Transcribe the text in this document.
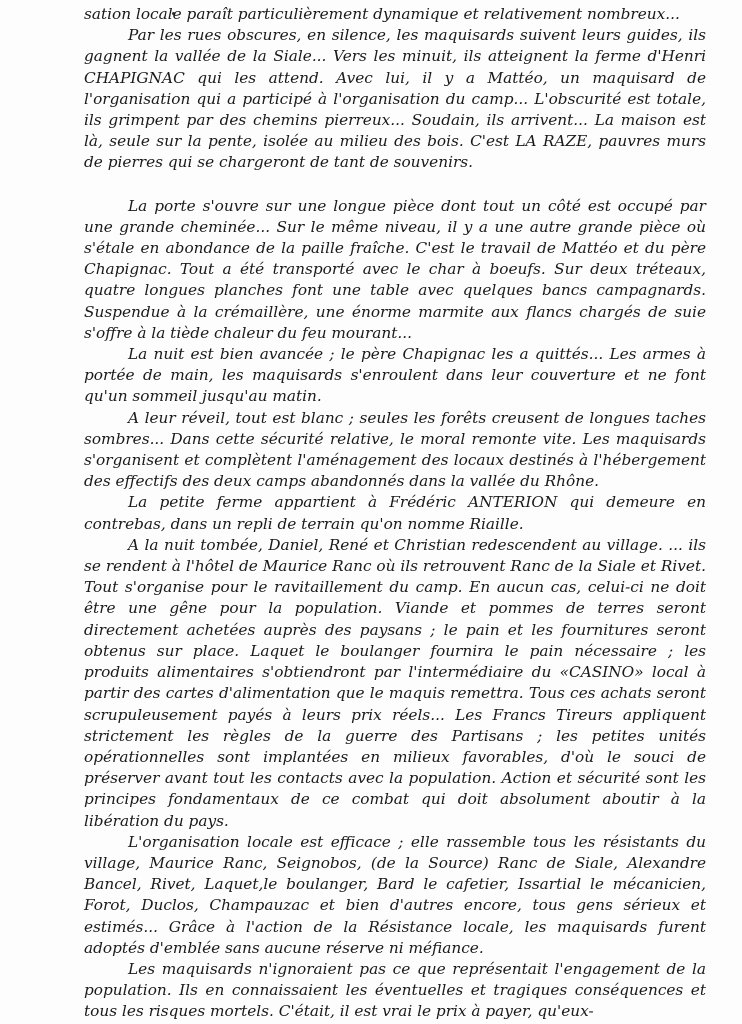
sation locale paraît particulièrement dynamique et relativement nombreux...

Par les rues obscures, en silence, les maquisards suivent leurs guides, ils gagnent la vallée de la Siale... Vers les minuit, ils atteignent la ferme d'Henri CHAPIGNAC qui les attend. Avec lui, il y a Mattéo, un maquisard de l'organisation qui a participé à l'organisation du camp... L'obscurité est totale, ils grimpent par des chemins pierreux... Soudain, ils arrivent... La maison est là, seule sur la pente, isolée au milieu des bois. C'est LA RAZE, pauvres murs de pierres qui se chargeront de tant de souvenirs.

La porte s'ouvre sur une longue pièce dont tout un côté est occupé par une grande cheminée... Sur le même niveau, il y a une autre grande pièce où s'étale en abondance de la paille fraîche. C'est le travail de Mattéo et du père Chapignac. Tout a été transporté avec le char à boeufs. Sur deux tréteaux, quatre longues planches font une table avec quelques bancs campagnards. Suspendue à la crémaillère, une énorme marmite aux flancs chargés de suie s'offre à la tiède chaleur du feu mourant...

La nuit est bien avancée ; le père Chapignac les a quittés... Les armes à portée de main, les maquisards s'enroulent dans leur couverture et ne font qu'un sommeil jusqu'au matin.

A leur réveil, tout est blanc ; seules les forêts creusent de longues taches sombres... Dans cette sécurité relative, le moral remonte vite. Les maquisards s'organisent et complètent l'aménagement des locaux destinés à l'hébergement des effectifs des deux camps abandonnés dans la vallée du Rhône.

La petite ferme appartient à Frédéric ANTERION qui demeure en contrebas, dans un repli de terrain qu'on nomme Riaille.

A la nuit tombée, Daniel, René et Christian redescendent au village. ... ils se rendent à l'hôtel de Maurice Ranc où ils retrouvent Ranc de la Siale et Rivet. Tout s'organise pour le ravitaillement du camp. En aucun cas, celui-ci ne doit être une gêne pour la population. Viande et pommes de terres seront directement achetées auprès des paysans ; le pain et les fournitures seront obtenus sur place. Laquet le boulanger fournira le pain nécessaire ; les produits alimentaires s'obtiendront par l'intermédiaire du «CASINO» local à partir des cartes d'alimentation que le maquis remettra. Tous ces achats seront scrupuleusement payés à leurs prix réels... Les Francs Tireurs appliquent strictement les règles de la guerre des Partisans ; les petites unités opérationnelles sont implantées en milieux favorables, d'où le souci de préserver avant tout les contacts avec la population. Action et sécurité sont les principes fondamentaux de ce combat qui doit absolument aboutir à la libération du pays.

L'organisation locale est efficace ; elle rassemble tous les résistants du village, Maurice Ranc, Seignobos, (de la Source) Ranc de Siale, Alexandre Bancel, Rivet, Laquet,le boulanger, Bard le cafetier, Issartial le mécanicien, Forot, Duclos, Champauzac et bien d'autres encore, tous gens sérieux et estimés... Grâce à l'action de la Résistance locale, les maquisards furent adoptés d'emblée sans aucune réserve ni méfiance.

Les maquisards n'ignoraient pas ce que représentait l'engagement de la population. Ils en connaissaient les éventuelles et tragiques conséquences et tous les risques mortels. C'était, il est vrai le prix à payer, qu'eux-
